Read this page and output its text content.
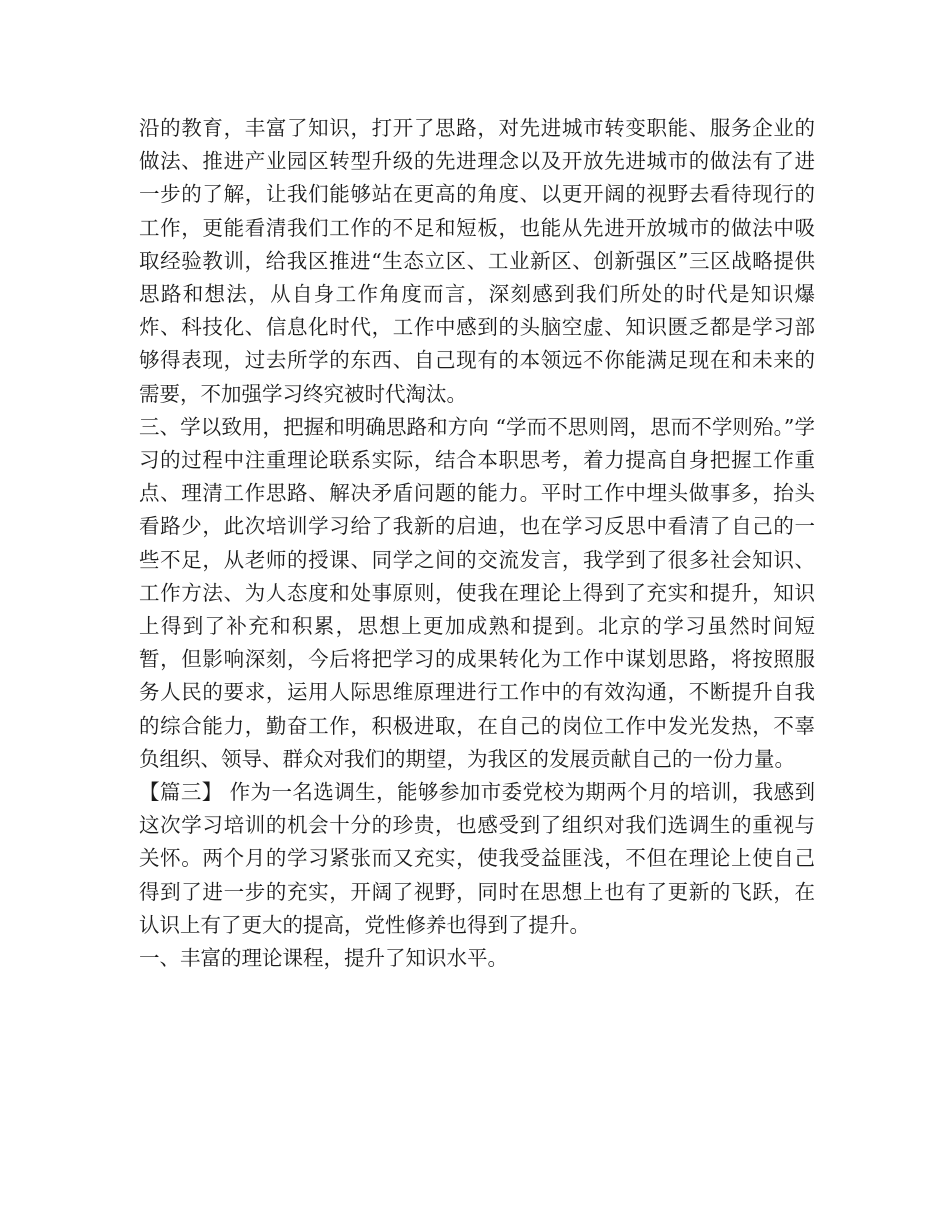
沿的教育，丰富了知识，打开了思路，对先进城市转变职能、服务企业的做法、推进产业园区转型升级的先进理念以及开放先进城市的做法有了进一步的了解，让我们能够站在更高的角度、以更开阔的视野去看待现行的工作，更能看清我们工作的不足和短板，也能从先进开放城市的做法中吸取经验教训，给我区推进“生态立区、工业新区、创新强区”三区战略提供思路和想法，从自身工作角度而言，深刻感到我们所处的时代是知识爆炸、科技化、信息化时代，工作中感到的头脑空虚、知识匮乏都是学习部够得表现，过去所学的东西、自己现有的本领远不你能满足现在和未来的需要，不加强学习终究被时代淘汰。

三、学以致用，把握和明确思路和方向 “学而不思则罔，思而不学则殆。”学习的过程中注重理论联系实际，结合本职思考，着力提高自身把握工作重点、理清工作思路、解决矛盾问题的能力。平时工作中埋头做事多，抬头看路少，此次培训学习给了我新的启迪，也在学习反思中看清了自己的一些不足，从老师的授课、同学之间的交流发言，我学到了很多社会知识、工作方法、为人态度和处事原则，使我在理论上得到了充实和提升，知识上得到了补充和积累，思想上更加成熟和提到。北京的学习虽然时间短暂，但影响深刻，今后将把学习的成果转化为工作中谋划思路，将按照服务人民的要求，运用人际思维原理进行工作中的有效沟通，不断提升自我的综合能力，勤奋工作，积极进取，在自己的岗位工作中发光发热，不辜负组织、领导、群众对我们的期望，为我区的发展贡献自己的一份力量。

【篇三】 作为一名选调生，能够参加市委党校为期两个月的培训，我感到这次学习培训的机会十分的珍贵，也感受到了组织对我们选调生的重视与关怀。两个月的学习紧张而又充实，使我受益匪浅，不但在理论上使自己得到了进一步的充实，开阔了视野，同时在思想上也有了更新的飞跃，在认识上有了更大的提高，党性修养也得到了提升。

一、丰富的理论课程，提升了知识水平。
